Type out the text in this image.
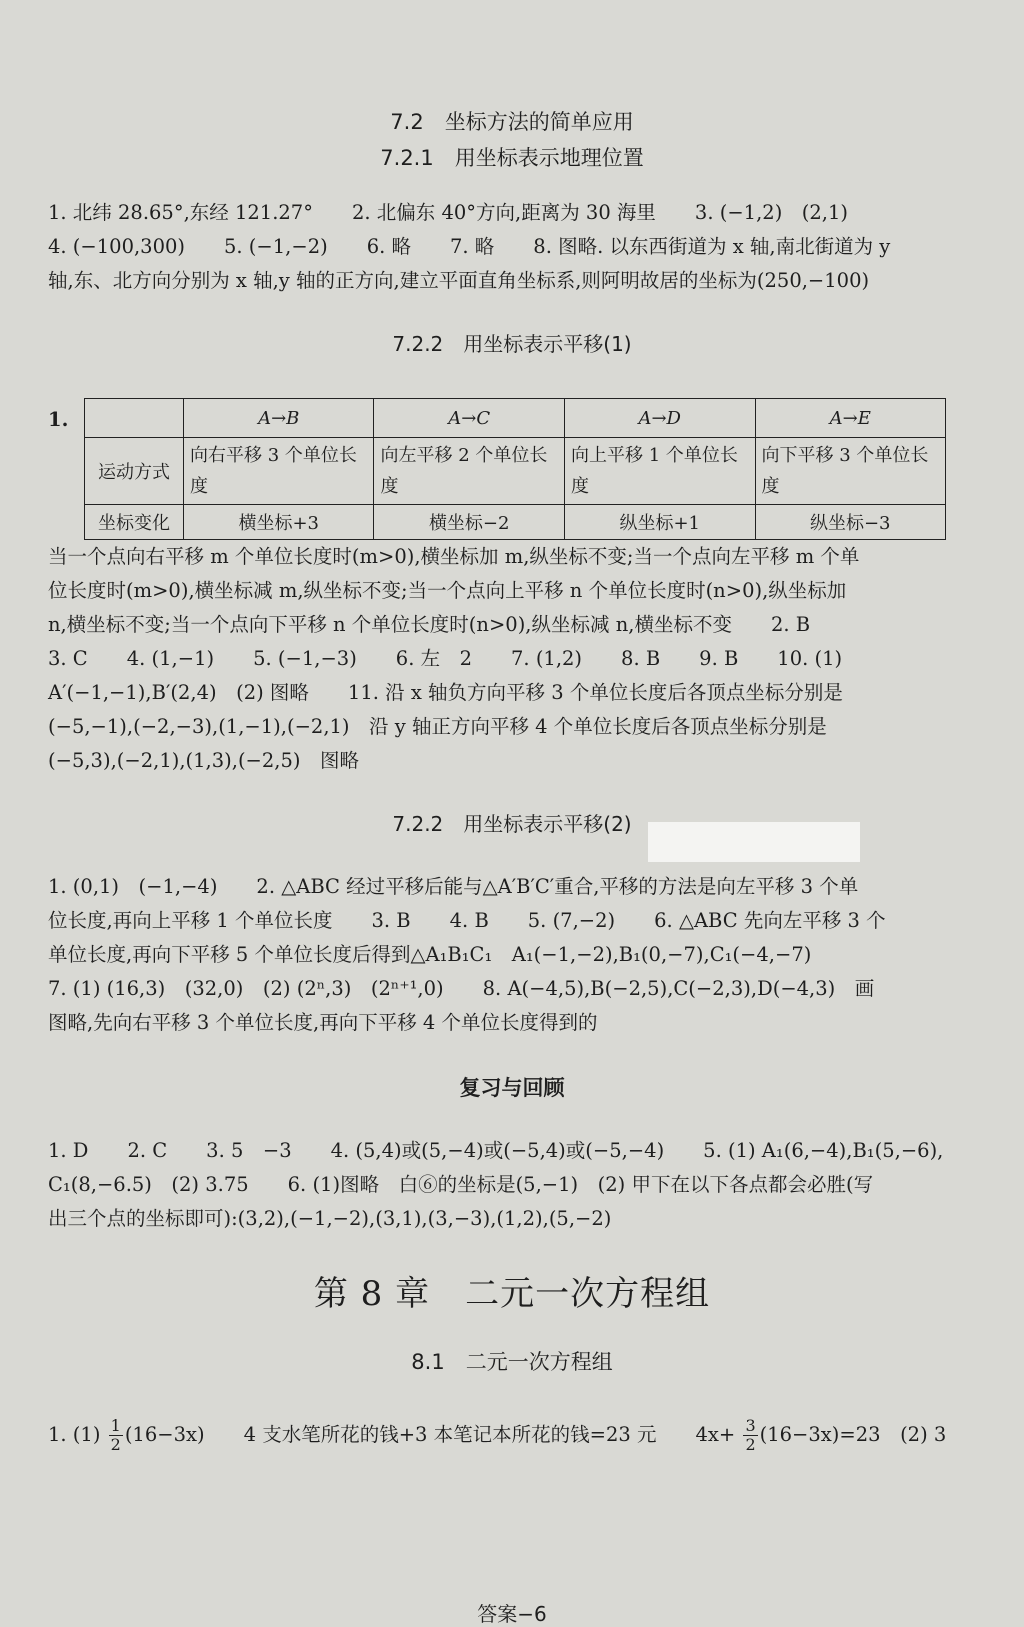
7.2　坐标方法的简单应用
7.2.1　用坐标表示地理位置
1. 北纬 28.65°,东经 121.27°　　2. 北偏东 40°方向,距离为 30 海里　　3. (−1,2)　(2,1)
4. (−100,300)　　5. (−1,−2)　　6. 略　　7. 略　　8. 图略. 以东西街道为 x 轴,南北街道为 y
轴,东、北方向分别为 x 轴,y 轴的正方向,建立平面直角坐标系,则阿明故居的坐标为(250,−100)
7.2.2　用坐标表示平移(1)
1.
		A→B	A→C	A→D	A→E
运动方式	向右平移 3 个单位长度	向左平移 2 个单位长度	向上平移 1 个单位长度	向下平移 3 个单位长度
坐标变化	横坐标+3	横坐标−2	纵坐标+1	纵坐标−3
当一个点向右平移 m 个单位长度时(m>0),横坐标加 m,纵坐标不变;当一个点向左平移 m 个单
位长度时(m>0),横坐标减 m,纵坐标不变;当一个点向上平移 n 个单位长度时(n>0),纵坐标加
n,横坐标不变;当一个点向下平移 n 个单位长度时(n>0),纵坐标减 n,横坐标不变　　2. B
3. C　　4. (1,−1)　　5. (−1,−3)　　6. 左　2　　7. (1,2)　　8. B　　9. B　　10. (1)
A′(−1,−1),B′(2,4)　(2) 图略　　11. 沿 x 轴负方向平移 3 个单位长度后各顶点坐标分别是
(−5,−1),(−2,−3),(1,−1),(−2,1)　沿 y 轴正方向平移 4 个单位长度后各顶点坐标分别是
(−5,3),(−2,1),(1,3),(−2,5)　图略
7.2.2　用坐标表示平移(2)
1. (0,1)　(−1,−4)　　2. △ABC 经过平移后能与△A′B′C′重合,平移的方法是向左平移 3 个单
位长度,再向上平移 1 个单位长度　　3. B　　4. B　　5. (7,−2)　　6. △ABC 先向左平移 3 个
单位长度,再向下平移 5 个单位长度后得到△A₁B₁C₁　A₁(−1,−2),B₁(0,−7),C₁(−4,−7)
7. (1) (16,3)　(32,0)　(2) (2ⁿ,3)　(2ⁿ⁺¹,0)　　8. A(−4,5),B(−2,5),C(−2,3),D(−4,3)　画
图略,先向右平移 3 个单位长度,再向下平移 4 个单位长度得到的
复习与回顾
1. D　　2. C　　3. 5　−3　　4. (5,4)或(5,−4)或(−5,4)或(−5,−4)　　5. (1) A₁(6,−4),B₁(5,−6),
C₁(8,−6.5)　(2) 3.75　　6. (1)图略　白⑥的坐标是(5,−1)　(2) 甲下在以下各点都会必胜(写
出三个点的坐标即可):(3,2),(−1,−2),(3,1),(3,−3),(1,2),(5,−2)
第 8 章　二元一次方程组
8.1　二元一次方程组
1. $(1) \frac{1}{2} (16-3x)$　　4 支水笔所花的钱+3 本笔记本所花的钱=23 元　　$4x+ \frac{3}{2} (16-3x)=23$　(2) 3
答案−6
